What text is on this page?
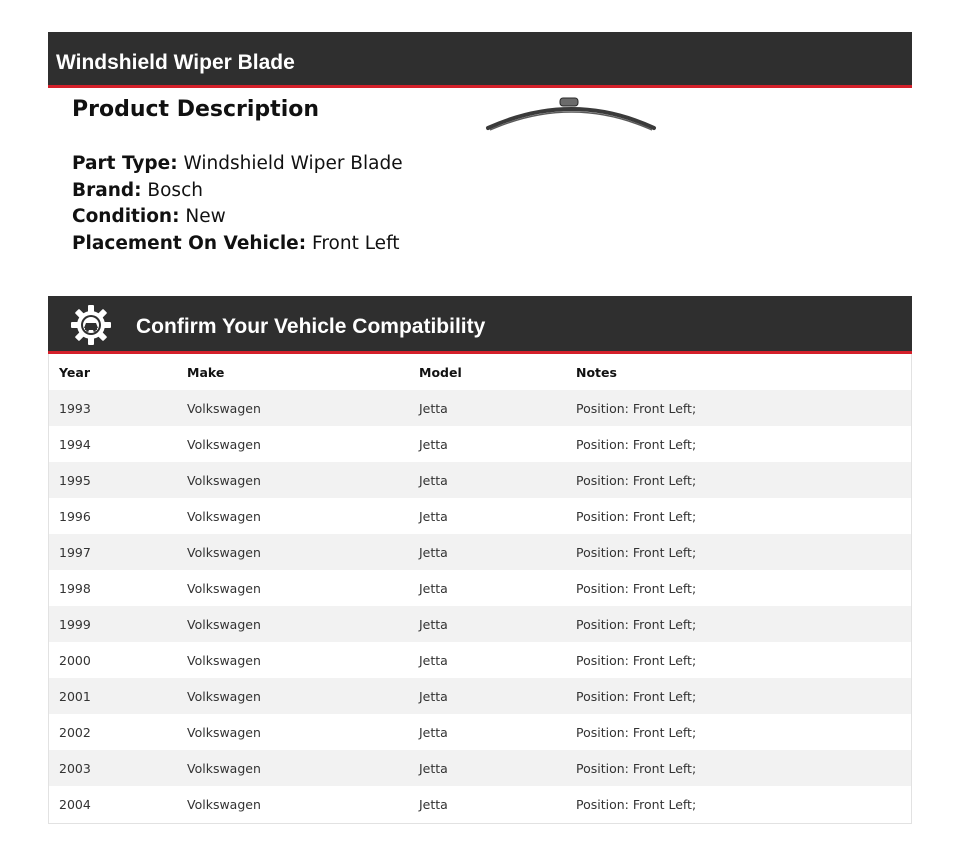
Windshield Wiper Blade
Product Description
Part Type: Windshield Wiper Blade
Brand: Bosch
Condition: New
Placement On Vehicle: Front Left
Confirm Your Vehicle Compatibility
Year	Make	Model	Notes
1993	Volkswagen	Jetta	Position: Front Left;
1994	Volkswagen	Jetta	Position: Front Left;
1995	Volkswagen	Jetta	Position: Front Left;
1996	Volkswagen	Jetta	Position: Front Left;
1997	Volkswagen	Jetta	Position: Front Left;
1998	Volkswagen	Jetta	Position: Front Left;
1999	Volkswagen	Jetta	Position: Front Left;
2000	Volkswagen	Jetta	Position: Front Left;
2001	Volkswagen	Jetta	Position: Front Left;
2002	Volkswagen	Jetta	Position: Front Left;
2003	Volkswagen	Jetta	Position: Front Left;
2004	Volkswagen	Jetta	Position: Front Left;
